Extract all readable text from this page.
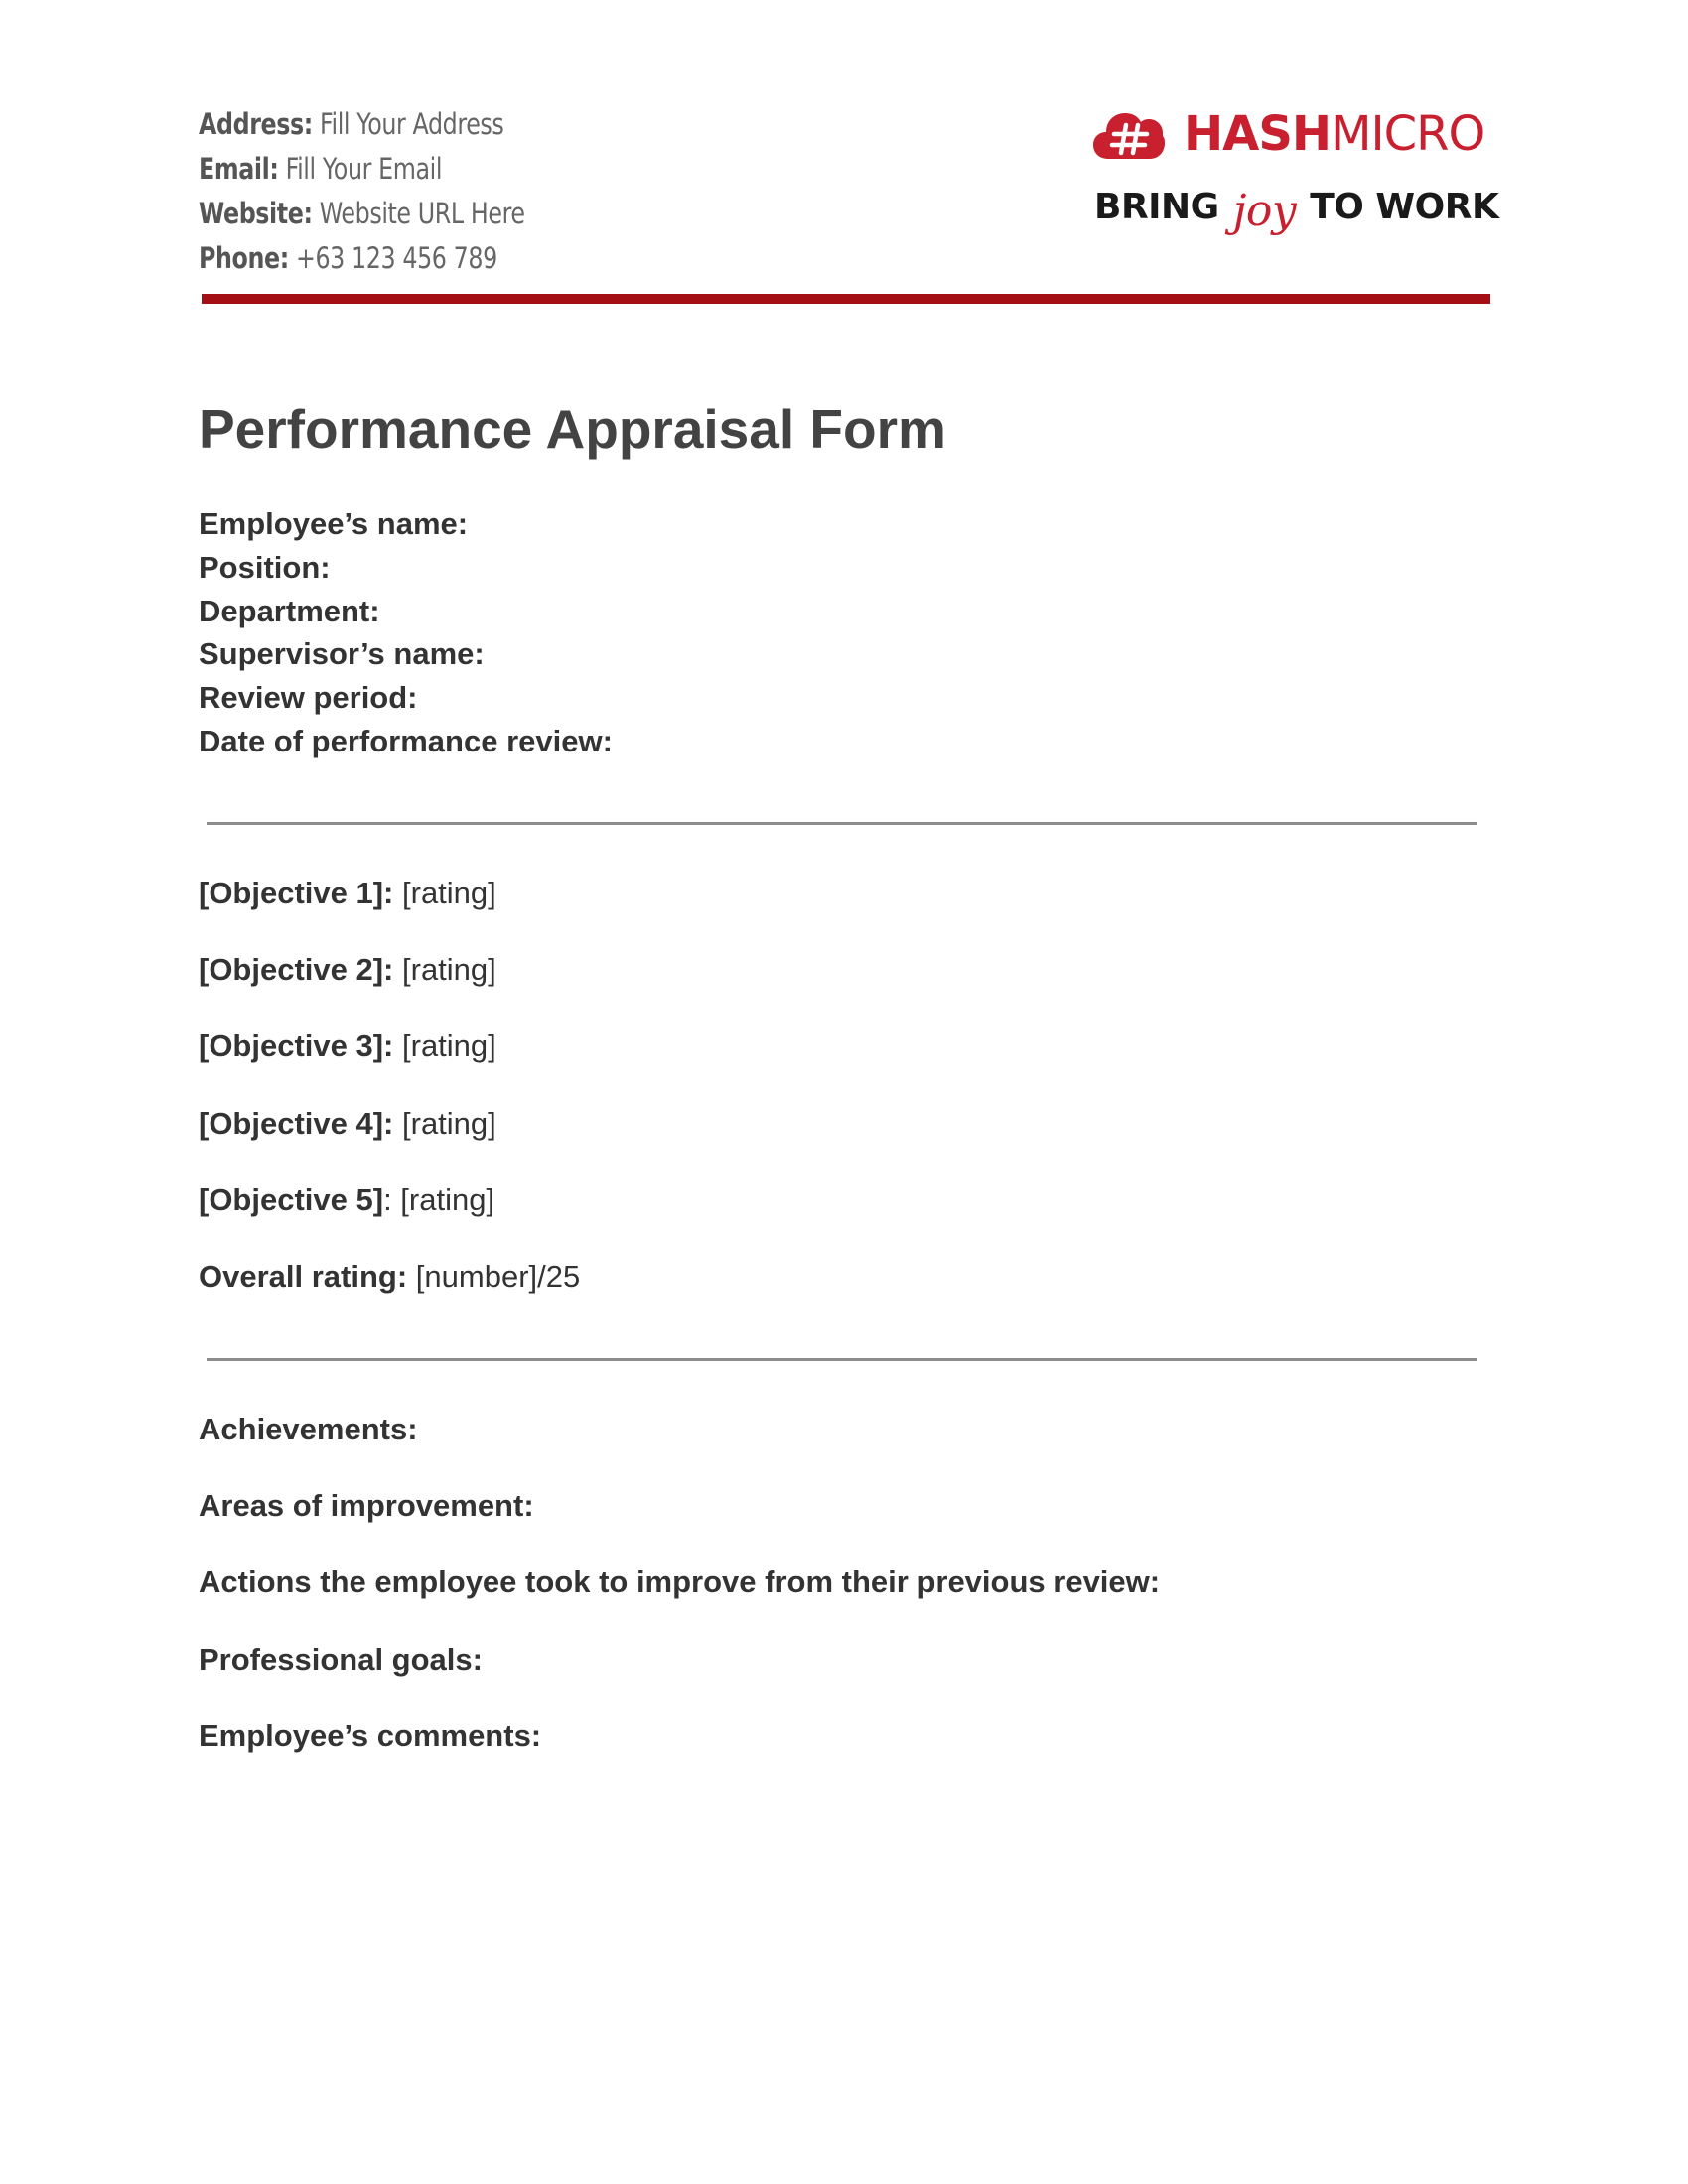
Address: Fill Your Address
Email: Fill Your Email
Website: Website URL Here
Phone: +63 123 456 789
HASHMICRO
BRING joy TO WORK
Performance Appraisal Form
Employee’s name:
Position:
Department:
Supervisor’s name:
Review period:
Date of performance review:
[Objective 1]: [rating]
[Objective 2]: [rating]
[Objective 3]: [rating]
[Objective 4]: [rating]
[Objective 5]: [rating]
Overall rating: [number]/25
Achievements:
Areas of improvement:
Actions the employee took to improve from their previous review:
Professional goals:
Employee’s comments:
